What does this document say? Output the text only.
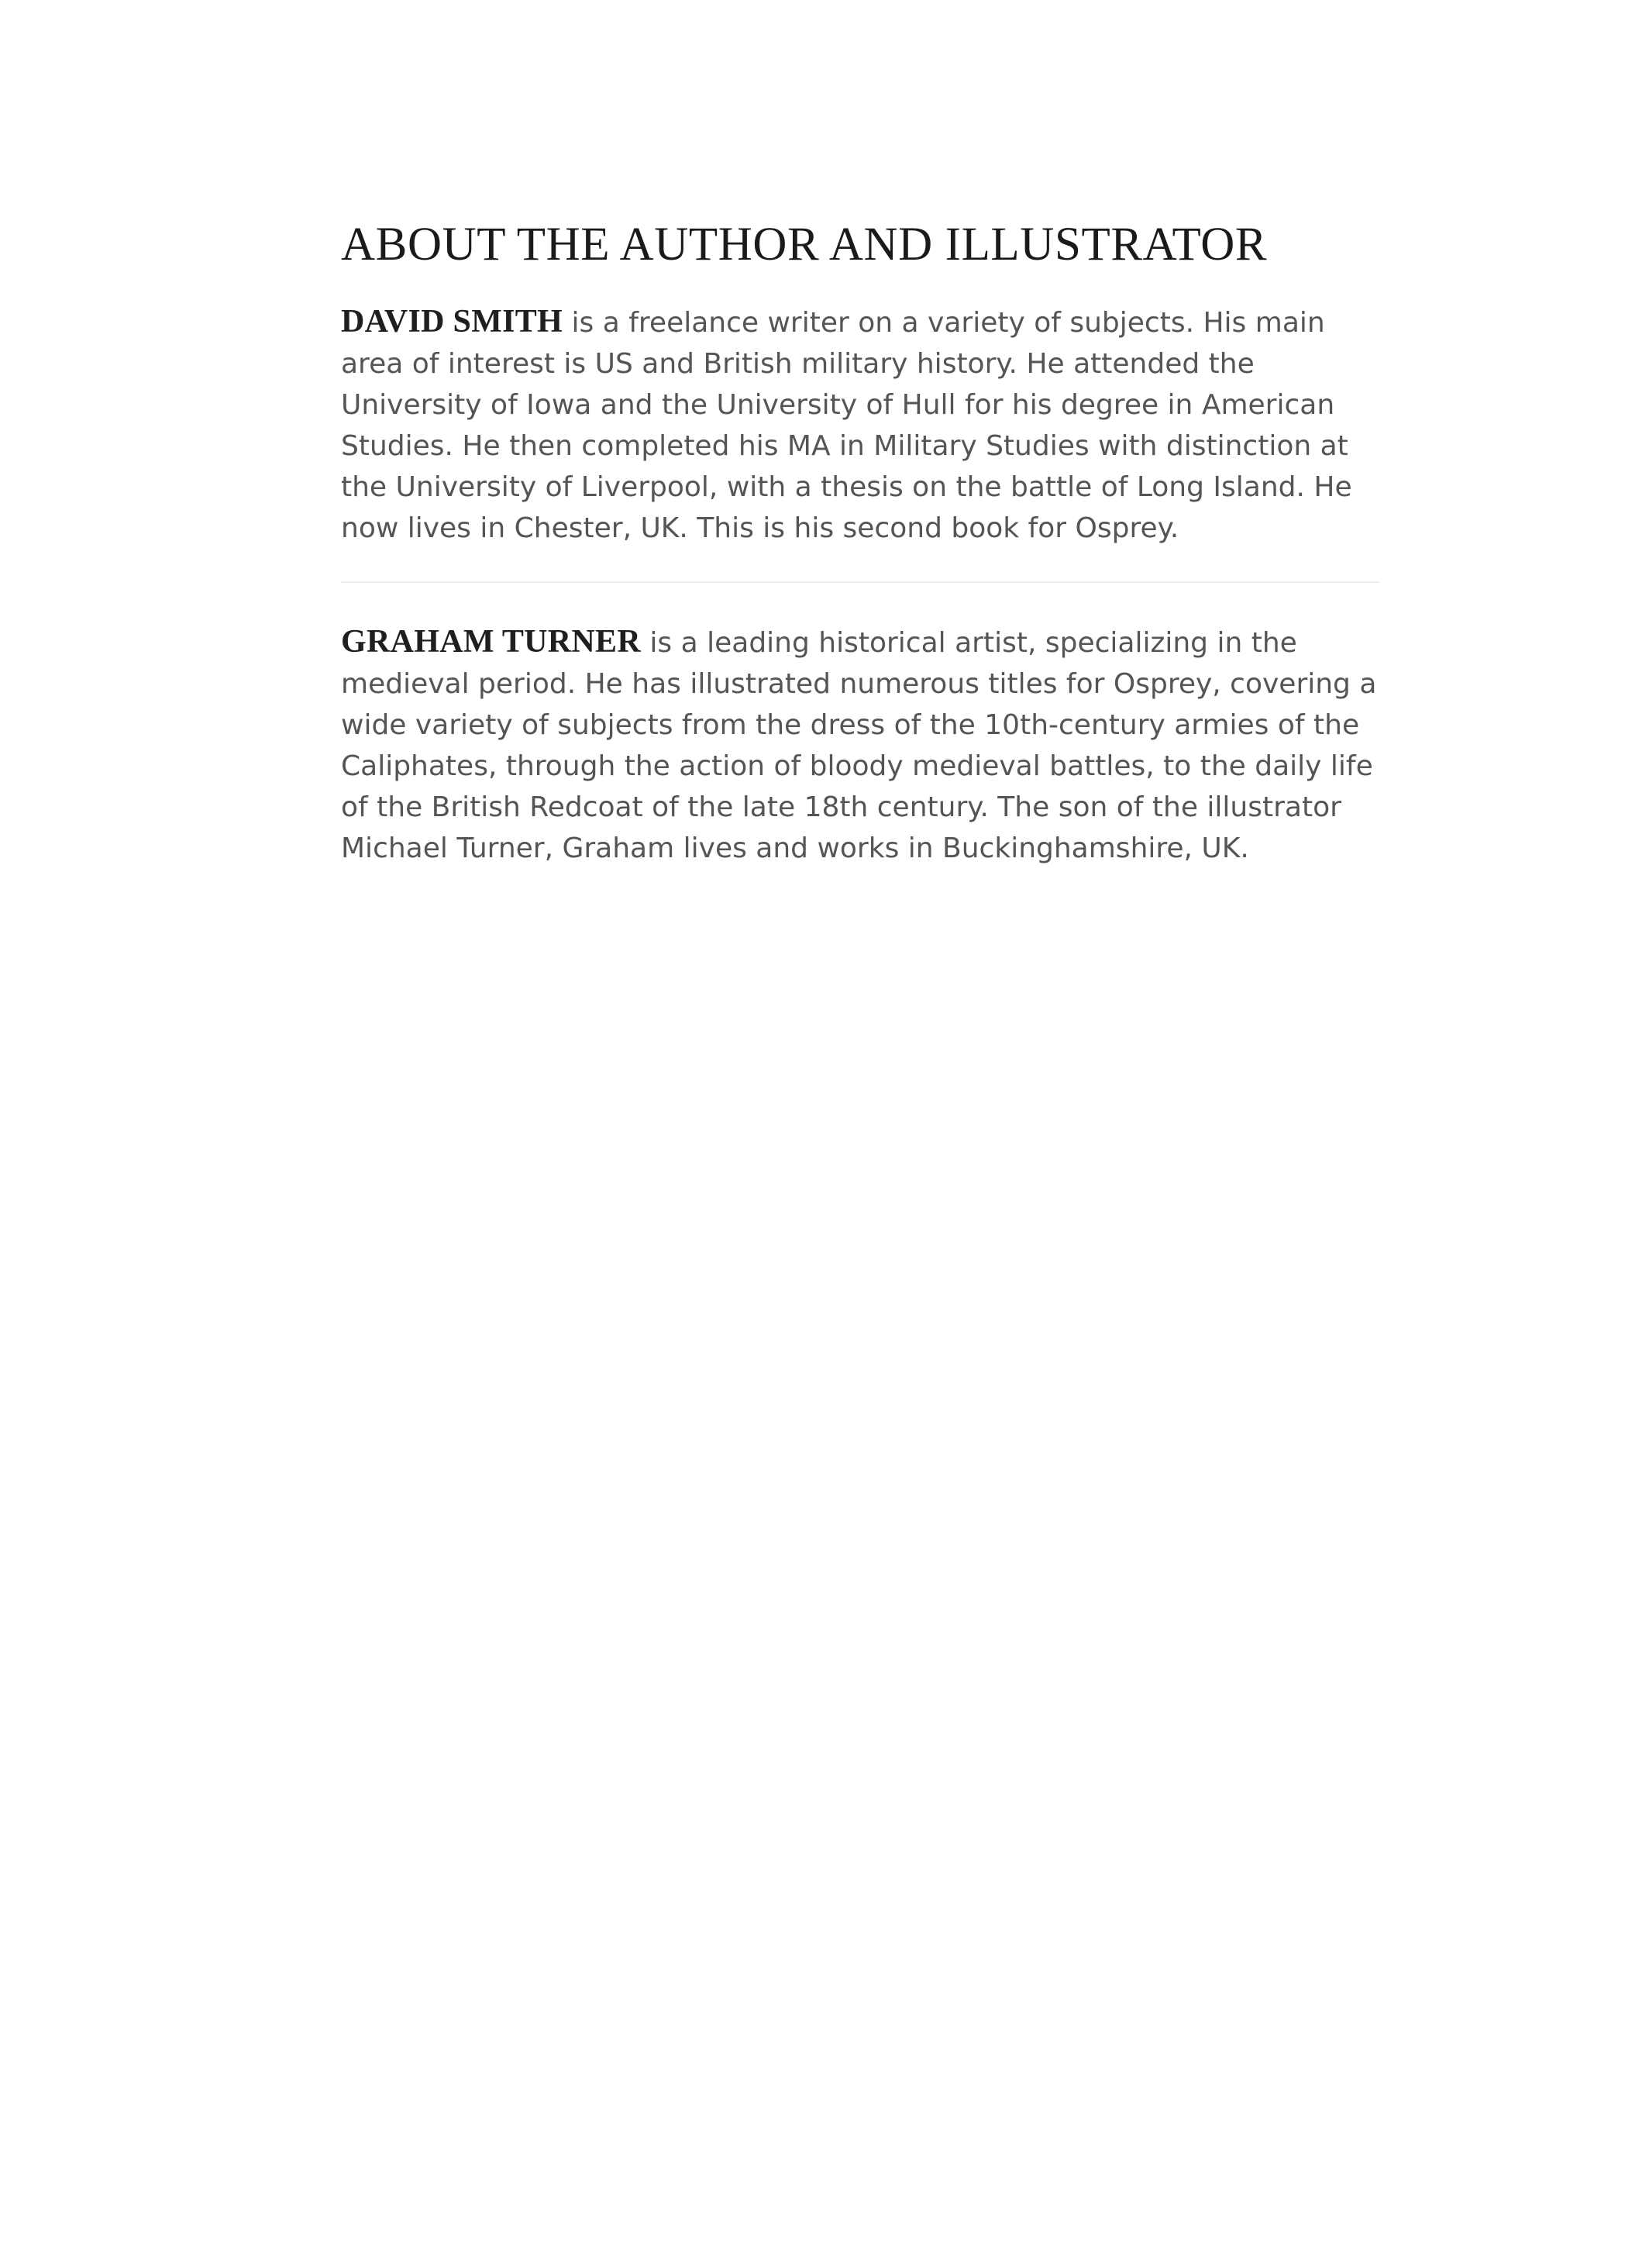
ABOUT THE AUTHOR AND ILLUSTRATOR

DAVID SMITH is a freelance writer on a variety of subjects. His main area of interest is US and British military history. He attended the University of Iowa and the University of Hull for his degree in American Studies. He then completed his MA in Military Studies with distinction at the University of Liverpool, with a thesis on the battle of Long Island. He now lives in Chester, UK. This is his second book for Osprey.

GRAHAM TURNER is a leading historical artist, specializing in the medieval period. He has illustrated numerous titles for Osprey, covering a wide variety of subjects from the dress of the 10th-century armies of the Caliphates, through the action of bloody medieval battles, to the daily life of the British Redcoat of the late 18th century. The son of the illustrator Michael Turner, Graham lives and works in Buckinghamshire, UK.
